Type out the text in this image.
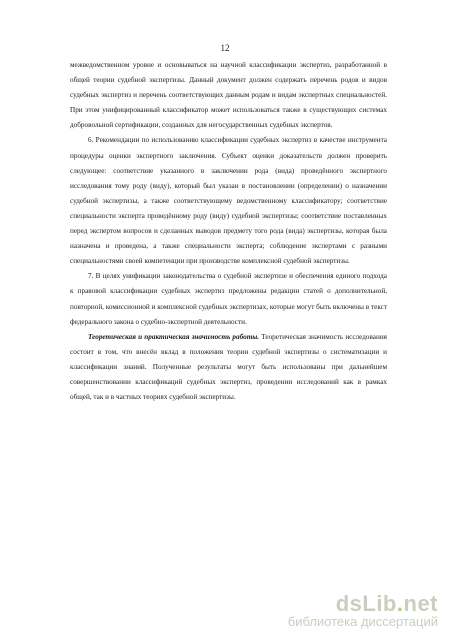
12

межведомственном уровне и основываться на научной классификации экспертиз, разработанной в общей теории судебной экспертизы. Данный документ должен содержать перечень родов и видов судебных экспертиз и перечень соответствующих данным родам и видам экспертных специальностей. При этом унифицированный классификатор может использоваться также в существующих системах добровольной сертификации, созданных для негосударственных судебных экспертов.

6. Рекомендации по использованию классификации судебных экспертиз в качестве инструмента процедуры оценки экспертного заключения. Субъект оценки доказательств должен проверить следующее: соответствие указанного в заключении рода (вида) проведённого экспертного исследования тому роду (виду), который был указан в постановлении (определении) о назначении судебной экспертизы, а также соответствующему ведомственному классификатору; соответствие специальности эксперта проведённому роду (виду) судебной экспертизы; соответствие поставленных перед экспертом вопросов и сделанных выводов предмету того рода (вида) экспертизы, которая была назначена и проведена, а также специальности эксперта; соблюдение экспертами с разными специальностями своей компетенции при производстве комплексной судебной экспертизы.

7. В целях унификации законодательства о судебной экспертизе и обеспечения единого подхода к правовой классификации судебных экспертиз предложены редакции статей о дополнительной, повторной, комиссионной и комплексной судебных экспертизах, которые могут быть включены в текст федерального закона о судебно-экспертной деятельности.

Теоретическая и практическая значимость работы. Теоретическая значимость исследования состоит в том, что внесён вклад в положения теории судебной экспертизы о систематизации и классификации знаний. Полученные результаты могут быть использованы при дальнейшем совершенствовании классификаций судебных экспертиз, проведении исследований как в рамках общей, так и в частных теориях судебной экспертизы.

dsLib.net
библиотека диссертаций
